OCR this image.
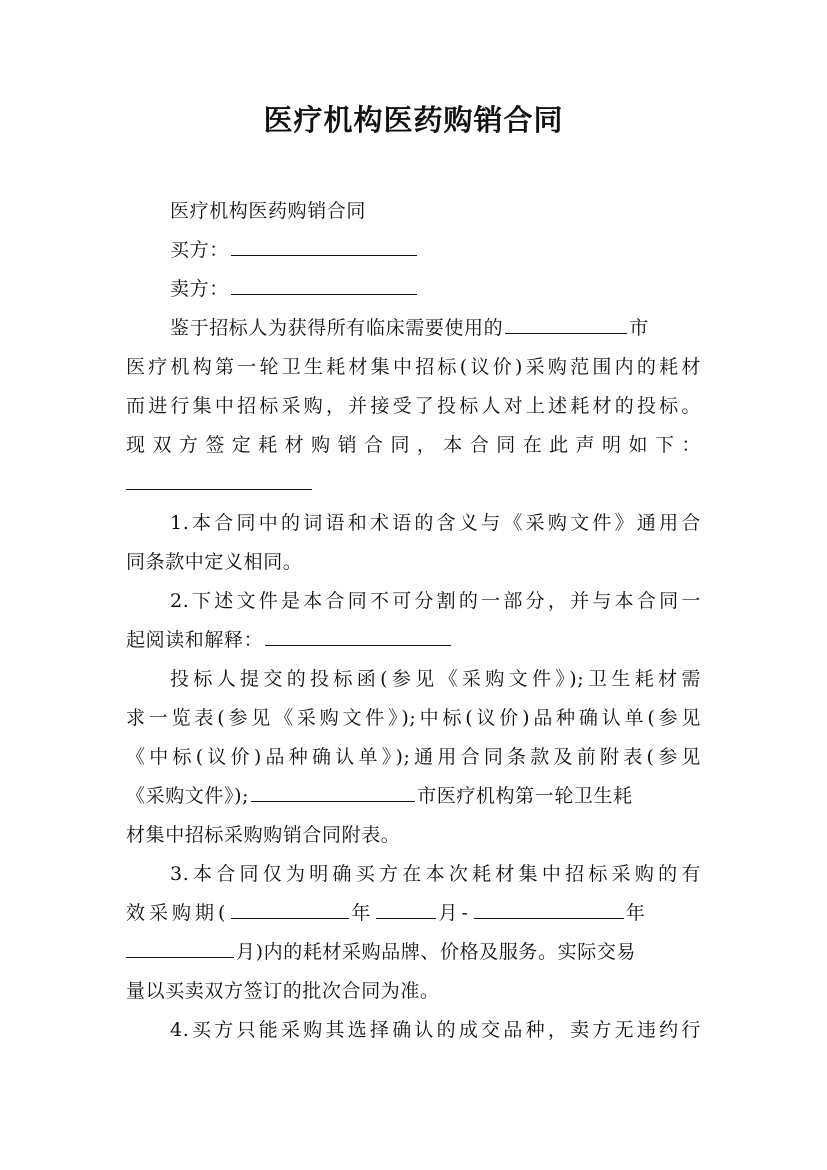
医疗机构医药购销合同
医疗机构医药购销合同
买方：
卖方：
鉴于招标人为获得所有临床需要使用的	市
医疗机构第一轮卫生耗材集中招标(议价)采购范围内的耗材
而进行集中招标采购，并接受了投标人对上述耗材的投标。
现双方签定耗材购销合同，本合同在此声明如下：
1.本合同中的词语和术语的含义与《采购文件》通用合
同条款中定义相同。
2.下述文件是本合同不可分割的一部分，并与本合同一
起阅读和解释：
投标人提交的投标函(参见《采购文件》);卫生耗材需
求一览表(参见《采购文件》);中标(议价)品种确认单(参见
《中标(议价)品种确认单》);通用合同条款及前附表(参见
《采购文件》);	市医疗机构第一轮卫生耗
材集中招标采购购销合同附表。
3.本合同仅为明确买方在本次耗材集中招标采购的有
效采购期(	年	月-	年
月)内的耗材采购品牌、价格及服务。实际交易
量以买卖双方签订的批次合同为准。
4.买方只能采购其选择确认的成交品种，卖方无违约行
